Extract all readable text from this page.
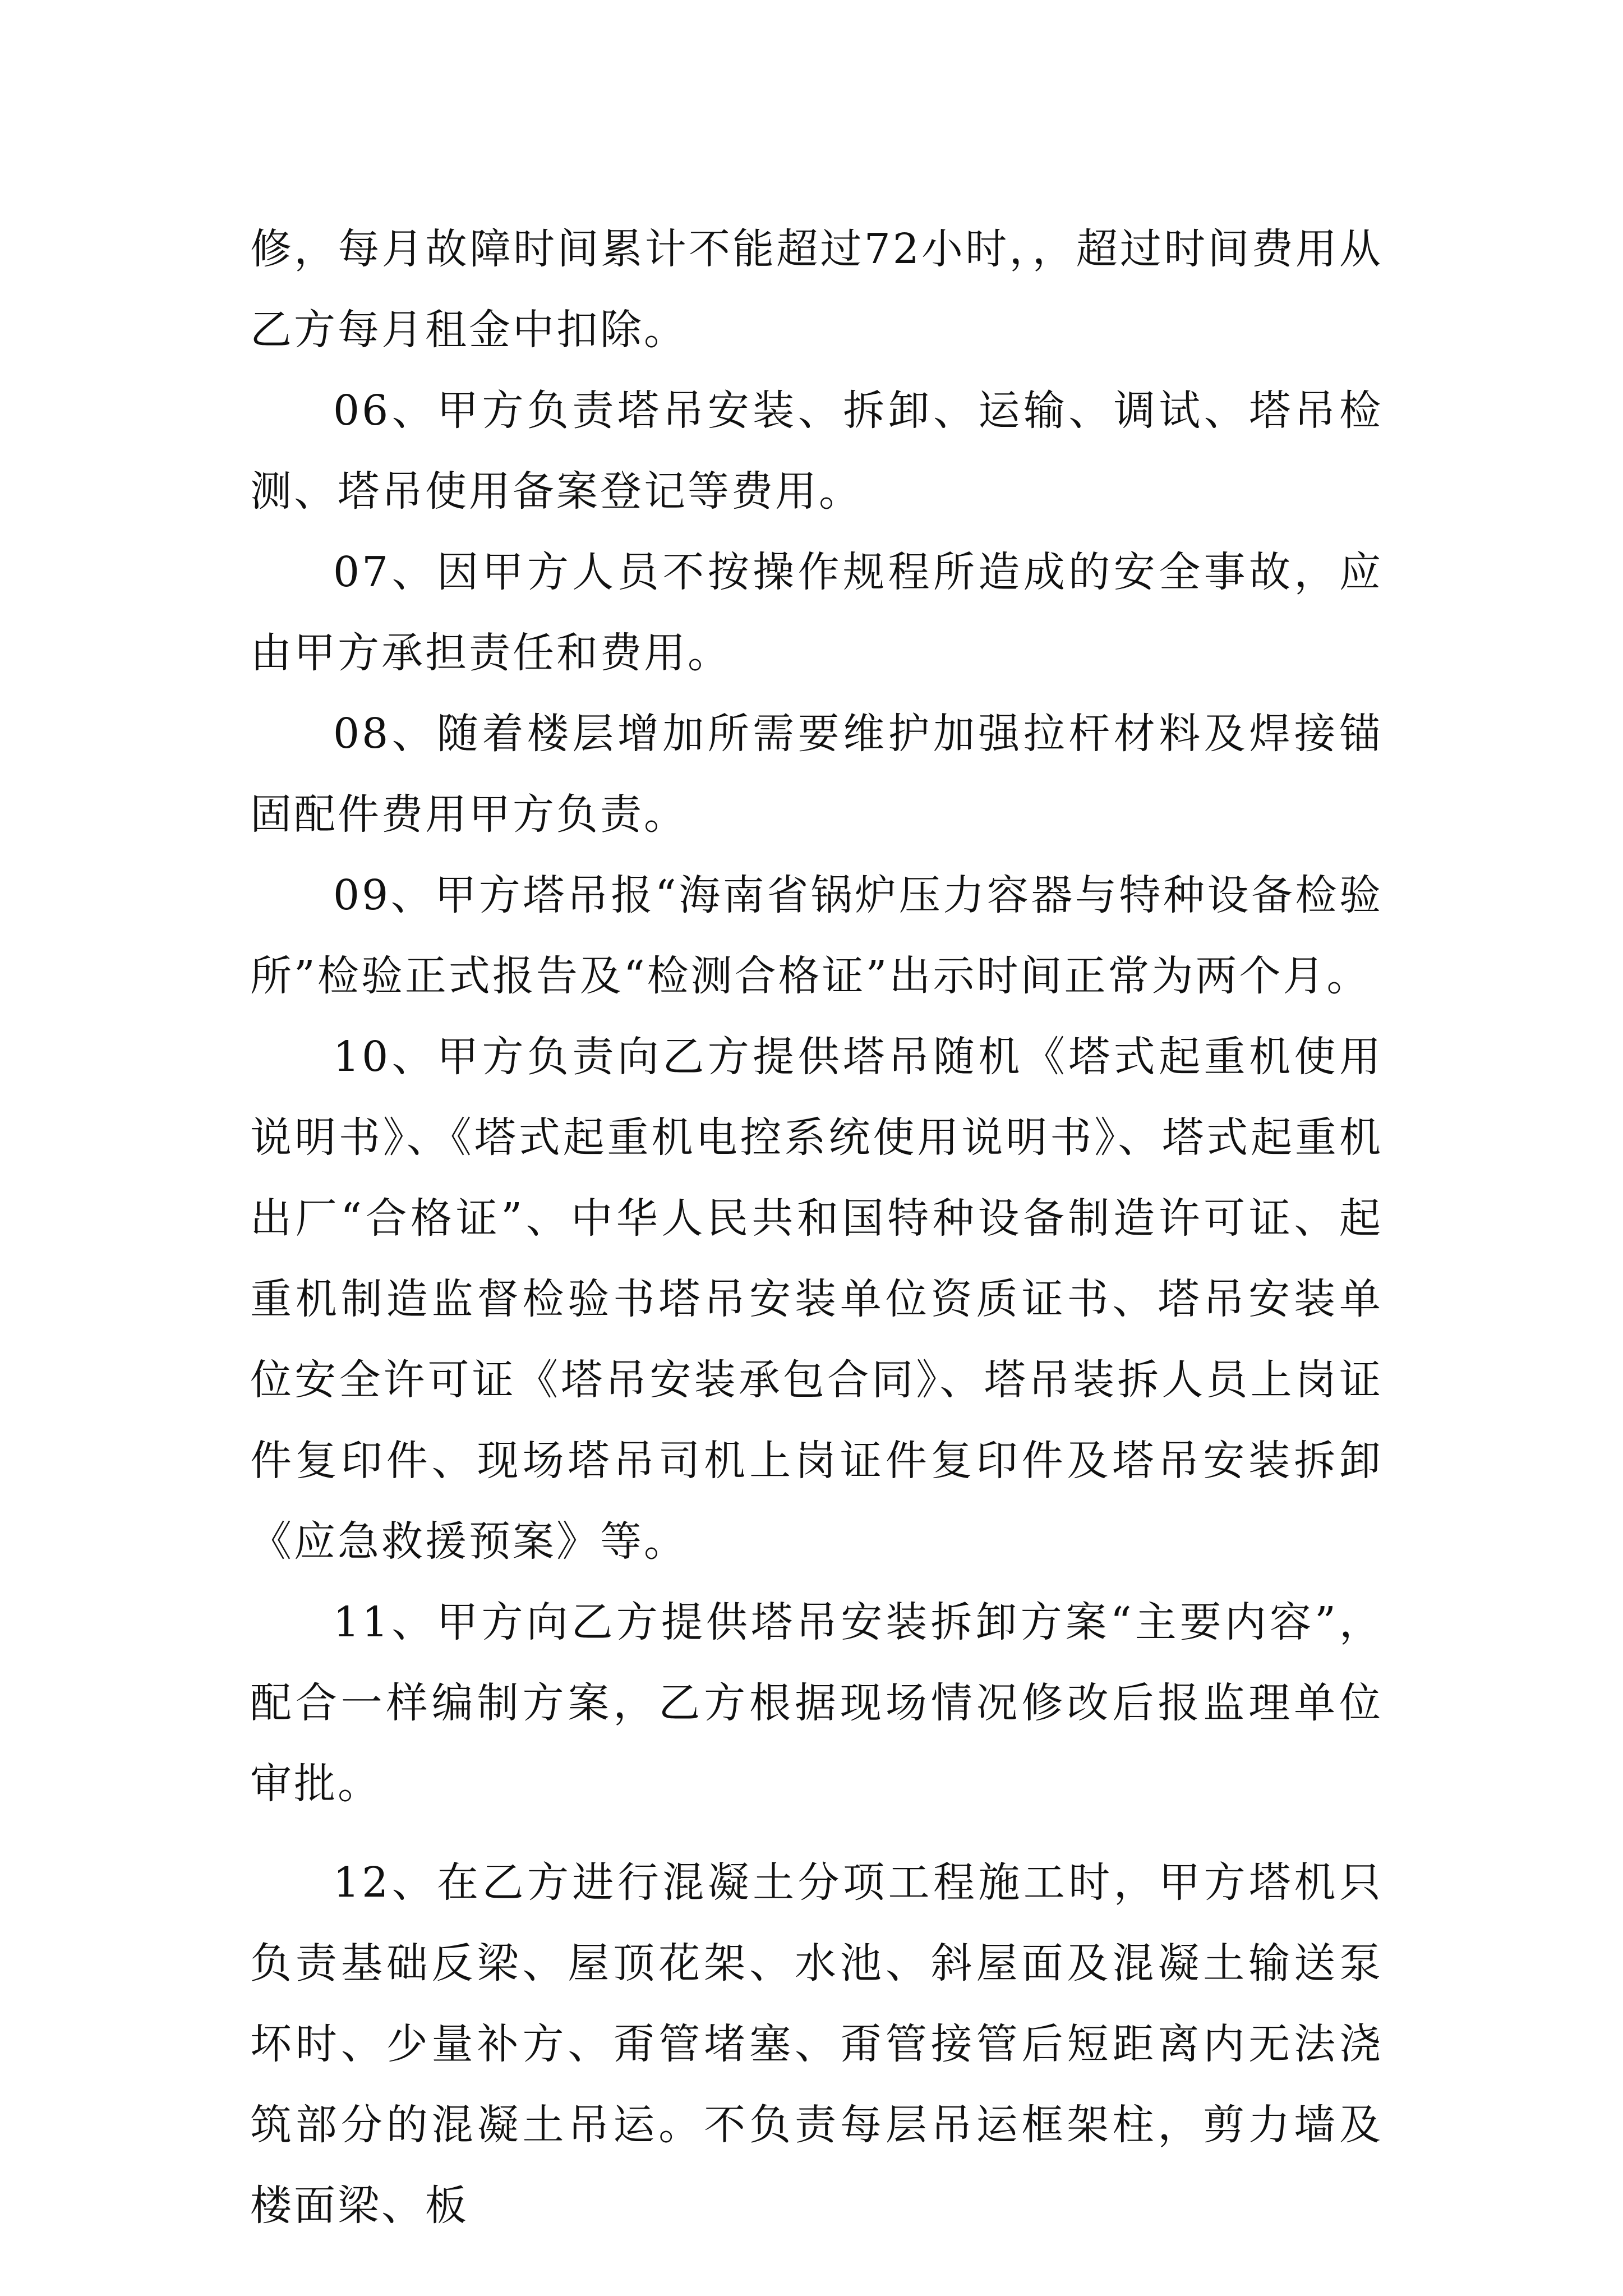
修，每月故障时间累计不能超过72小时，，超过时间费用从乙方每月租金中扣除。

06、甲方负责塔吊安装、拆卸、运输、调试、塔吊检测、塔吊使用备案登记等费用。

07、因甲方人员不按操作规程所造成的安全事故，应由甲方承担责任和费用。

08、随着楼层增加所需要维护加强拉杆材料及焊接锚固配件费用甲方负责。

09、甲方塔吊报“海南省锅炉压力容器与特种设备检验所”检验正式报告及“检测合格证”出示时间正常为两个月。

10、甲方负责向乙方提供塔吊随机《塔式起重机使用说明书》、《塔式起重机电控系统使用说明书》、塔式起重机出厂“合格证”、中华人民共和国特种设备制造许可证、起重机制造监督检验书塔吊安装单位资质证书、塔吊安装单位安全许可证《塔吊安装承包合同》、塔吊装拆人员上岗证件复印件、现场塔吊司机上岗证件复印件及塔吊安装拆卸《应急救援预案》等。

11、甲方向乙方提供塔吊安装拆卸方案“主要内容”，配合一样编制方案，乙方根据现场情况修改后报监理单位审批。

12、在乙方进行混凝土分项工程施工时，甲方塔机只负责基础反梁、屋顶花架、水池、斜屋面及混凝土输送泵坏时、少量补方、甭管堵塞、甭管接管后短距离内无法浇筑部分的混凝土吊运。不负责每层吊运框架柱，剪力墙及楼面梁、板
